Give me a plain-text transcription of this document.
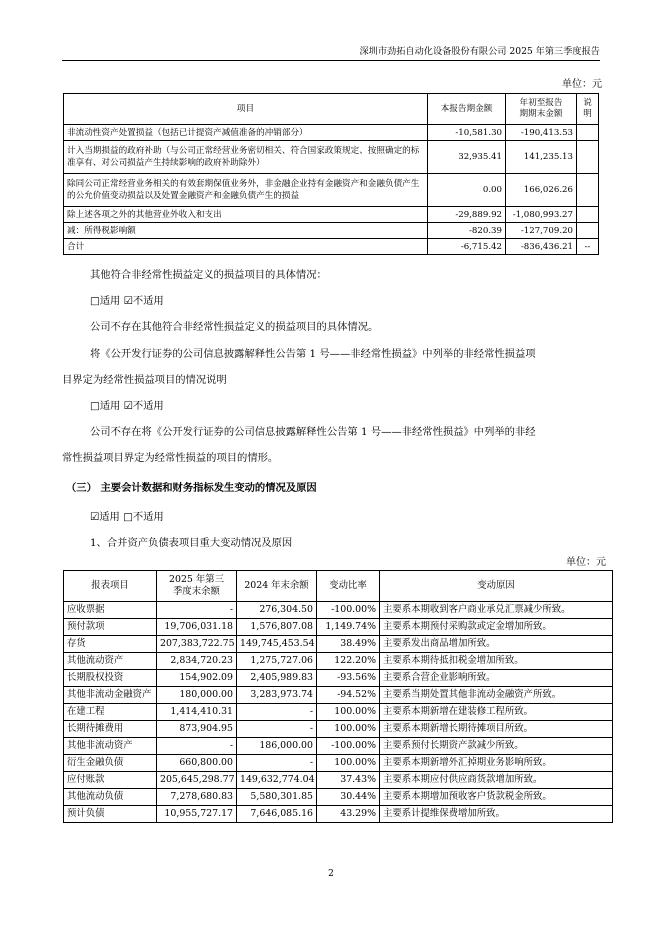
深圳市劲拓自动化设备股份有限公司 2025 年第三季度报告
单位：元
项目	本报告期金额	年初至报告
期期末金额	说
明

非流动性资产处置损益（包括已计提资产减值准备的冲销部分）	-10,581.30	-190,413.53	
计入当期损益的政府补助（与公司正常经营业务密切相关、符合国家政策规定、按照确定的标准享有、对公司损益产生持续影响的政府补助除外）	32,935.41	141,235.13	
除同公司正常经营业务相关的有效套期保值业务外，非金融企业持有金融资产和金融负债产生的公允价值变动损益以及处置金融资产和金融负债产生的损益	0.00	166,026.26	
除上述各项之外的其他营业外收入和支出	-29,889.92	-1,080,993.27	
减：所得税影响额	-820.39	-127,709.20	
合计	-6,715.42	-836,436.21	--
其他符合非经常性损益定义的损益项目的具体情况：
□适用 ☑不适用
公司不存在其他符合非经常性损益定义的损益项目的具体情况。
将《公开发行证券的公司信息披露解释性公告第 1 号——非经常性损益》中列举的非经常性损益项
目界定为经常性损益项目的情况说明
□适用 ☑不适用
公司不存在将《公开发行证券的公司信息披露解释性公告第 1 号——非经常性损益》中列举的非经
常性损益项目界定为经常性损益的项目的情形。
（三） 主要会计数据和财务指标发生变动的情况及原因
☑适用 □不适用
1、合并资产负债表项目重大变动情况及原因
单位：元
报表项目	2025 年第三
季度末余额	2024 年末余额	变动比率	变动原因
应收票据	-	276,304.50	-100.00%	主要系本期收到客户商业承兑汇票减少所致。
预付款项	19,706,031.18	1,576,807.08	1,149.74%	主要系本期预付采购款或定金增加所致。
存货	207,383,722.75	149,745,453.54	38.49%	主要系发出商品增加所致。
其他流动资产	2,834,720.23	1,275,727.06	122.20%	主要系本期待抵扣税金增加所致。
长期股权投资	154,902.09	2,405,989.83	-93.56%	主要系合营企业影响所致。
其他非流动金融资产	180,000.00	3,283,973.74	-94.52%	主要系当期处置其他非流动金融资产所致。
在建工程	1,414,410.31	-	100.00%	主要系本期新增在建装修工程所致。
长期待摊费用	873,904.95	-	100.00%	主要系本期新增长期待摊项目所致。
其他非流动资产	-	186,000.00	-100.00%	主要系预付长期资产款减少所致。
衍生金融负债	660,800.00	-	100.00%	主要系本期新增外汇掉期业务影响所致。
应付账款	205,645,298.77	149,632,774.04	37.43%	主要系本期应付供应商货款增加所致。
其他流动负债	7,278,680.83	5,580,301.85	30.44%	主要系本期增加预收客户货款税金所致。
预计负债	10,955,727.17	7,646,085.16	43.29%	主要系计提维保费增加所致。
2
